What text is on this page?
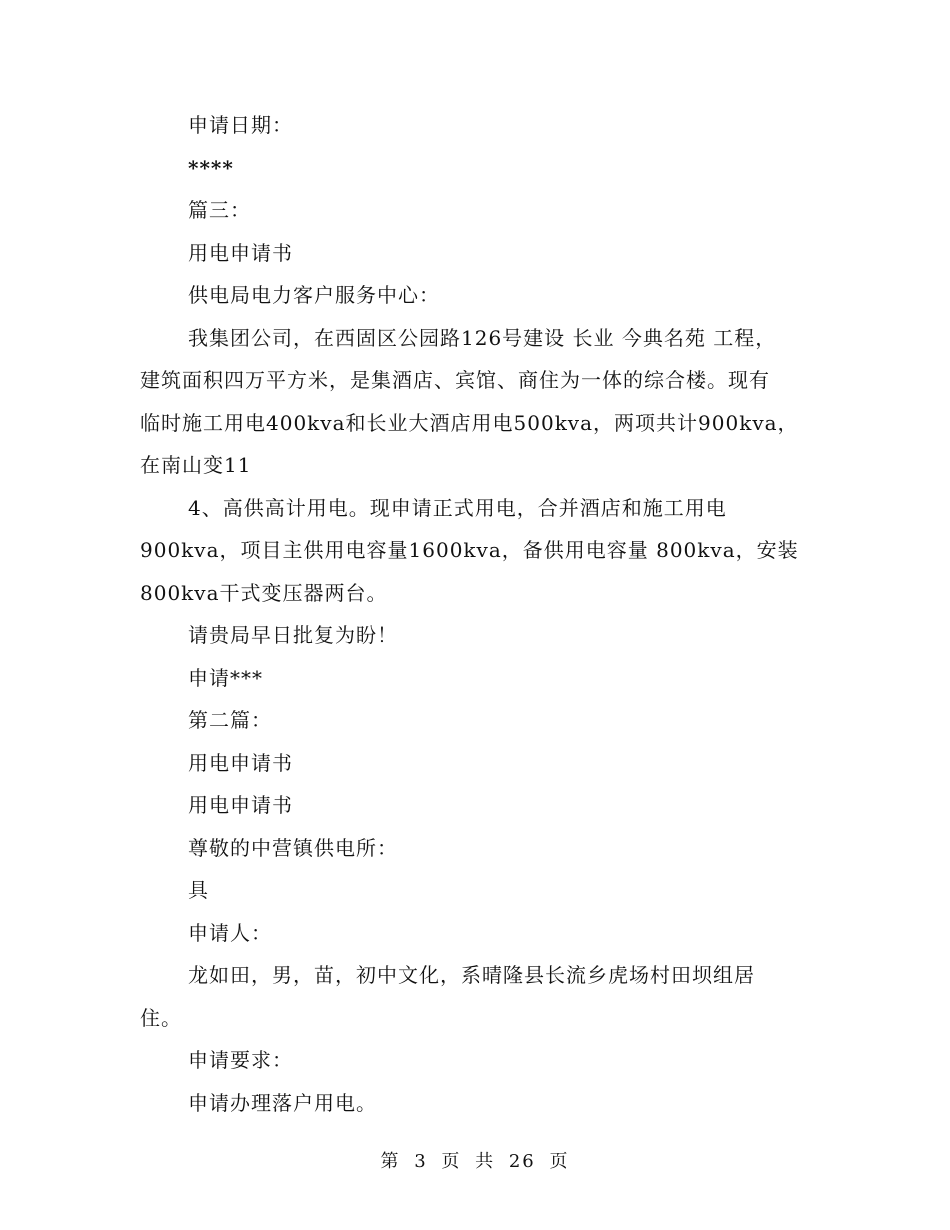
申请日期：
****
篇三：
用电申请书
供电局电力客户服务中心：
我集团公司，在西固区公园路126号建设 长业 今典名苑 工程，
建筑面积四万平方米，是集酒店、宾馆、商住为一体的综合楼。现有
临时施工用电400kva和长业大酒店用电500kva，两项共计900kva，
在南山变11
4、高供高计用电。现申请正式用电，合并酒店和施工用电
900kva，项目主供用电容量1600kva，备供用电容量 800kva，安装
800kva干式变压器两台。
请贵局早日批复为盼！
申请***
第二篇：
用电申请书
用电申请书
尊敬的中营镇供电所：
具
申请人：
龙如田，男，苗，初中文化，系晴隆县长流乡虎场村田坝组居
住。
申请要求：
申请办理落户用电。
第 3 页 共 26 页
